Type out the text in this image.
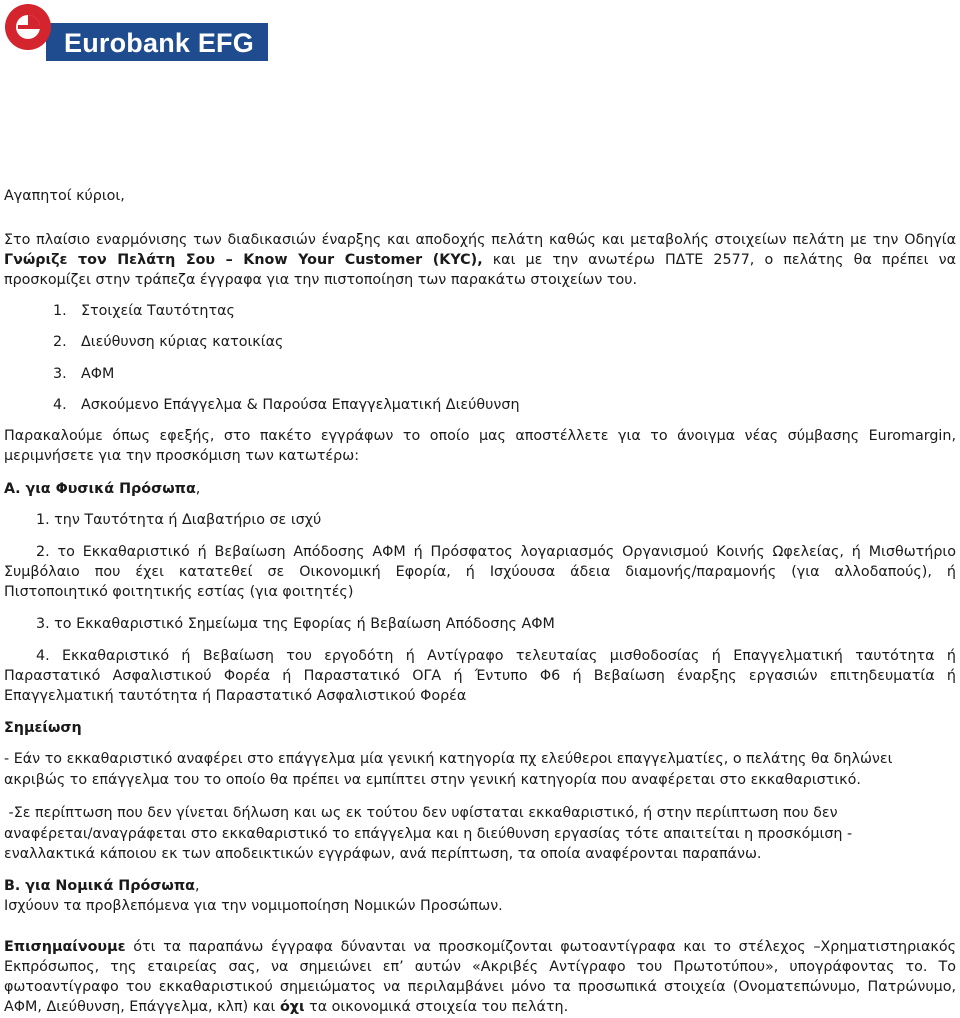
Eurobank EFG

Αγαπητοί κύριοι,

Στο πλαίσιο εναρμόνισης των διαδικασιών έναρξης και αποδοχής πελάτη καθώς και μεταβολής στοιχείων πελάτη με την Οδηγία

Γνώριζε τον Πελάτη Σου – Know Your Customer (KYC), και με την ανωτέρω ΠΔΤΕ 2577, ο πελάτης θα πρέπει να

προσκομίζει στην τράπεζα έγγραφα για την πιστοποίηση των παρακάτω στοιχείων του.

1. Στοιχεία Ταυτότητας
2. Διεύθυνση κύριας κατοικίας
3. ΑΦΜ
4. Ασκούμενο Επάγγελμα & Παρούσα Επαγγελματική Διεύθυνση

Παρακαλούμε όπως εφεξής, στο πακέτο εγγράφων το οποίο μας αποστέλλετε για το άνοιγμα νέας σύμβασης Euromargin,

μεριμνήσετε για την προσκόμιση των κατωτέρω:

Α. για Φυσικά Πρόσωπα,

1. την Ταυτότητα ή Διαβατήριο σε ισχύ

2. το Εκκαθαριστικό ή Βεβαίωση Απόδοσης ΑΦΜ ή Πρόσφατος λογαριασμός Οργανισμού Κοινής Ωφελείας, ή Μισθωτήριο

Συμβόλαιο που έχει κατατεθεί σε Οικονομική Εφορία, ή Ισχύουσα άδεια διαμονής/παραμονής (για αλλοδαπούς), ή

Πιστοποιητικό φοιτητικής εστίας (για φοιτητές)

3. το Εκκαθαριστικό Σημείωμα της Εφορίας ή Βεβαίωση Απόδοσης ΑΦΜ

4. Εκκαθαριστικό ή Βεβαίωση του εργοδότη ή Αντίγραφο τελευταίας μισθοδοσίας ή Επαγγελματική ταυτότητα ή

Παραστατικό Ασφαλιστικού Φορέα ή Παραστατικό ΟΓΑ ή Έντυπο Φ6 ή Βεβαίωση έναρξης εργασιών επιτηδευματία ή

Επαγγελματική ταυτότητα ή Παραστατικό Ασφαλιστικού Φορέα

Σημείωση

- Εάν το εκκαθαριστικό αναφέρει στο επάγγελμα μία γενική κατηγορία πχ ελεύθεροι επαγγελματίες, ο πελάτης θα δηλώνει

ακριβώς το επάγγελμα του το οποίο θα πρέπει να εμπίπτει στην γενική κατηγορία που αναφέρεται στο εκκαθαριστικό.

-Σε περίπτωση που δεν γίνεται δήλωση και ως εκ τούτου δεν υφίσταται εκκαθαριστικό, ή στην περίιπτωση που δεν

αναφέρεται/αναγράφεται στο εκκαθαριστικό το επάγγελμα και η διεύθυνση εργασίας τότε απαιτείται η προσκόμιση -

εναλλακτικά κάποιου εκ των αποδεικτικών εγγράφων, ανά περίπτωση, τα οποία αναφέρονται παραπάνω.

Β. για Νομικά Πρόσωπα,

Ισχύουν τα προβλεπόμενα για την νομιμοποίηση Νομικών Προσώπων.

Επισημαίνουμε ότι τα παραπάνω έγγραφα δύνανται να προσκομίζονται φωτοαντίγραφα και το στέλεχος –Χρηματιστηριακός

Εκπρόσωπος, της εταιρείας σας, να σημειώνει επ’ αυτών «Ακριβές Αντίγραφο του Πρωτοτύπου», υπογράφοντας το. Το

φωτοαντίγραφο του εκκαθαριστικού σημειώματος να περιλαμβάνει μόνο τα προσωπικά στοιχεία (Ονοματεπώνυμο, Πατρώνυμο,

ΑΦΜ, Διεύθυνση, Επάγγελμα, κλπ) και όχι τα οικονομικά στοιχεία του πελάτη.
